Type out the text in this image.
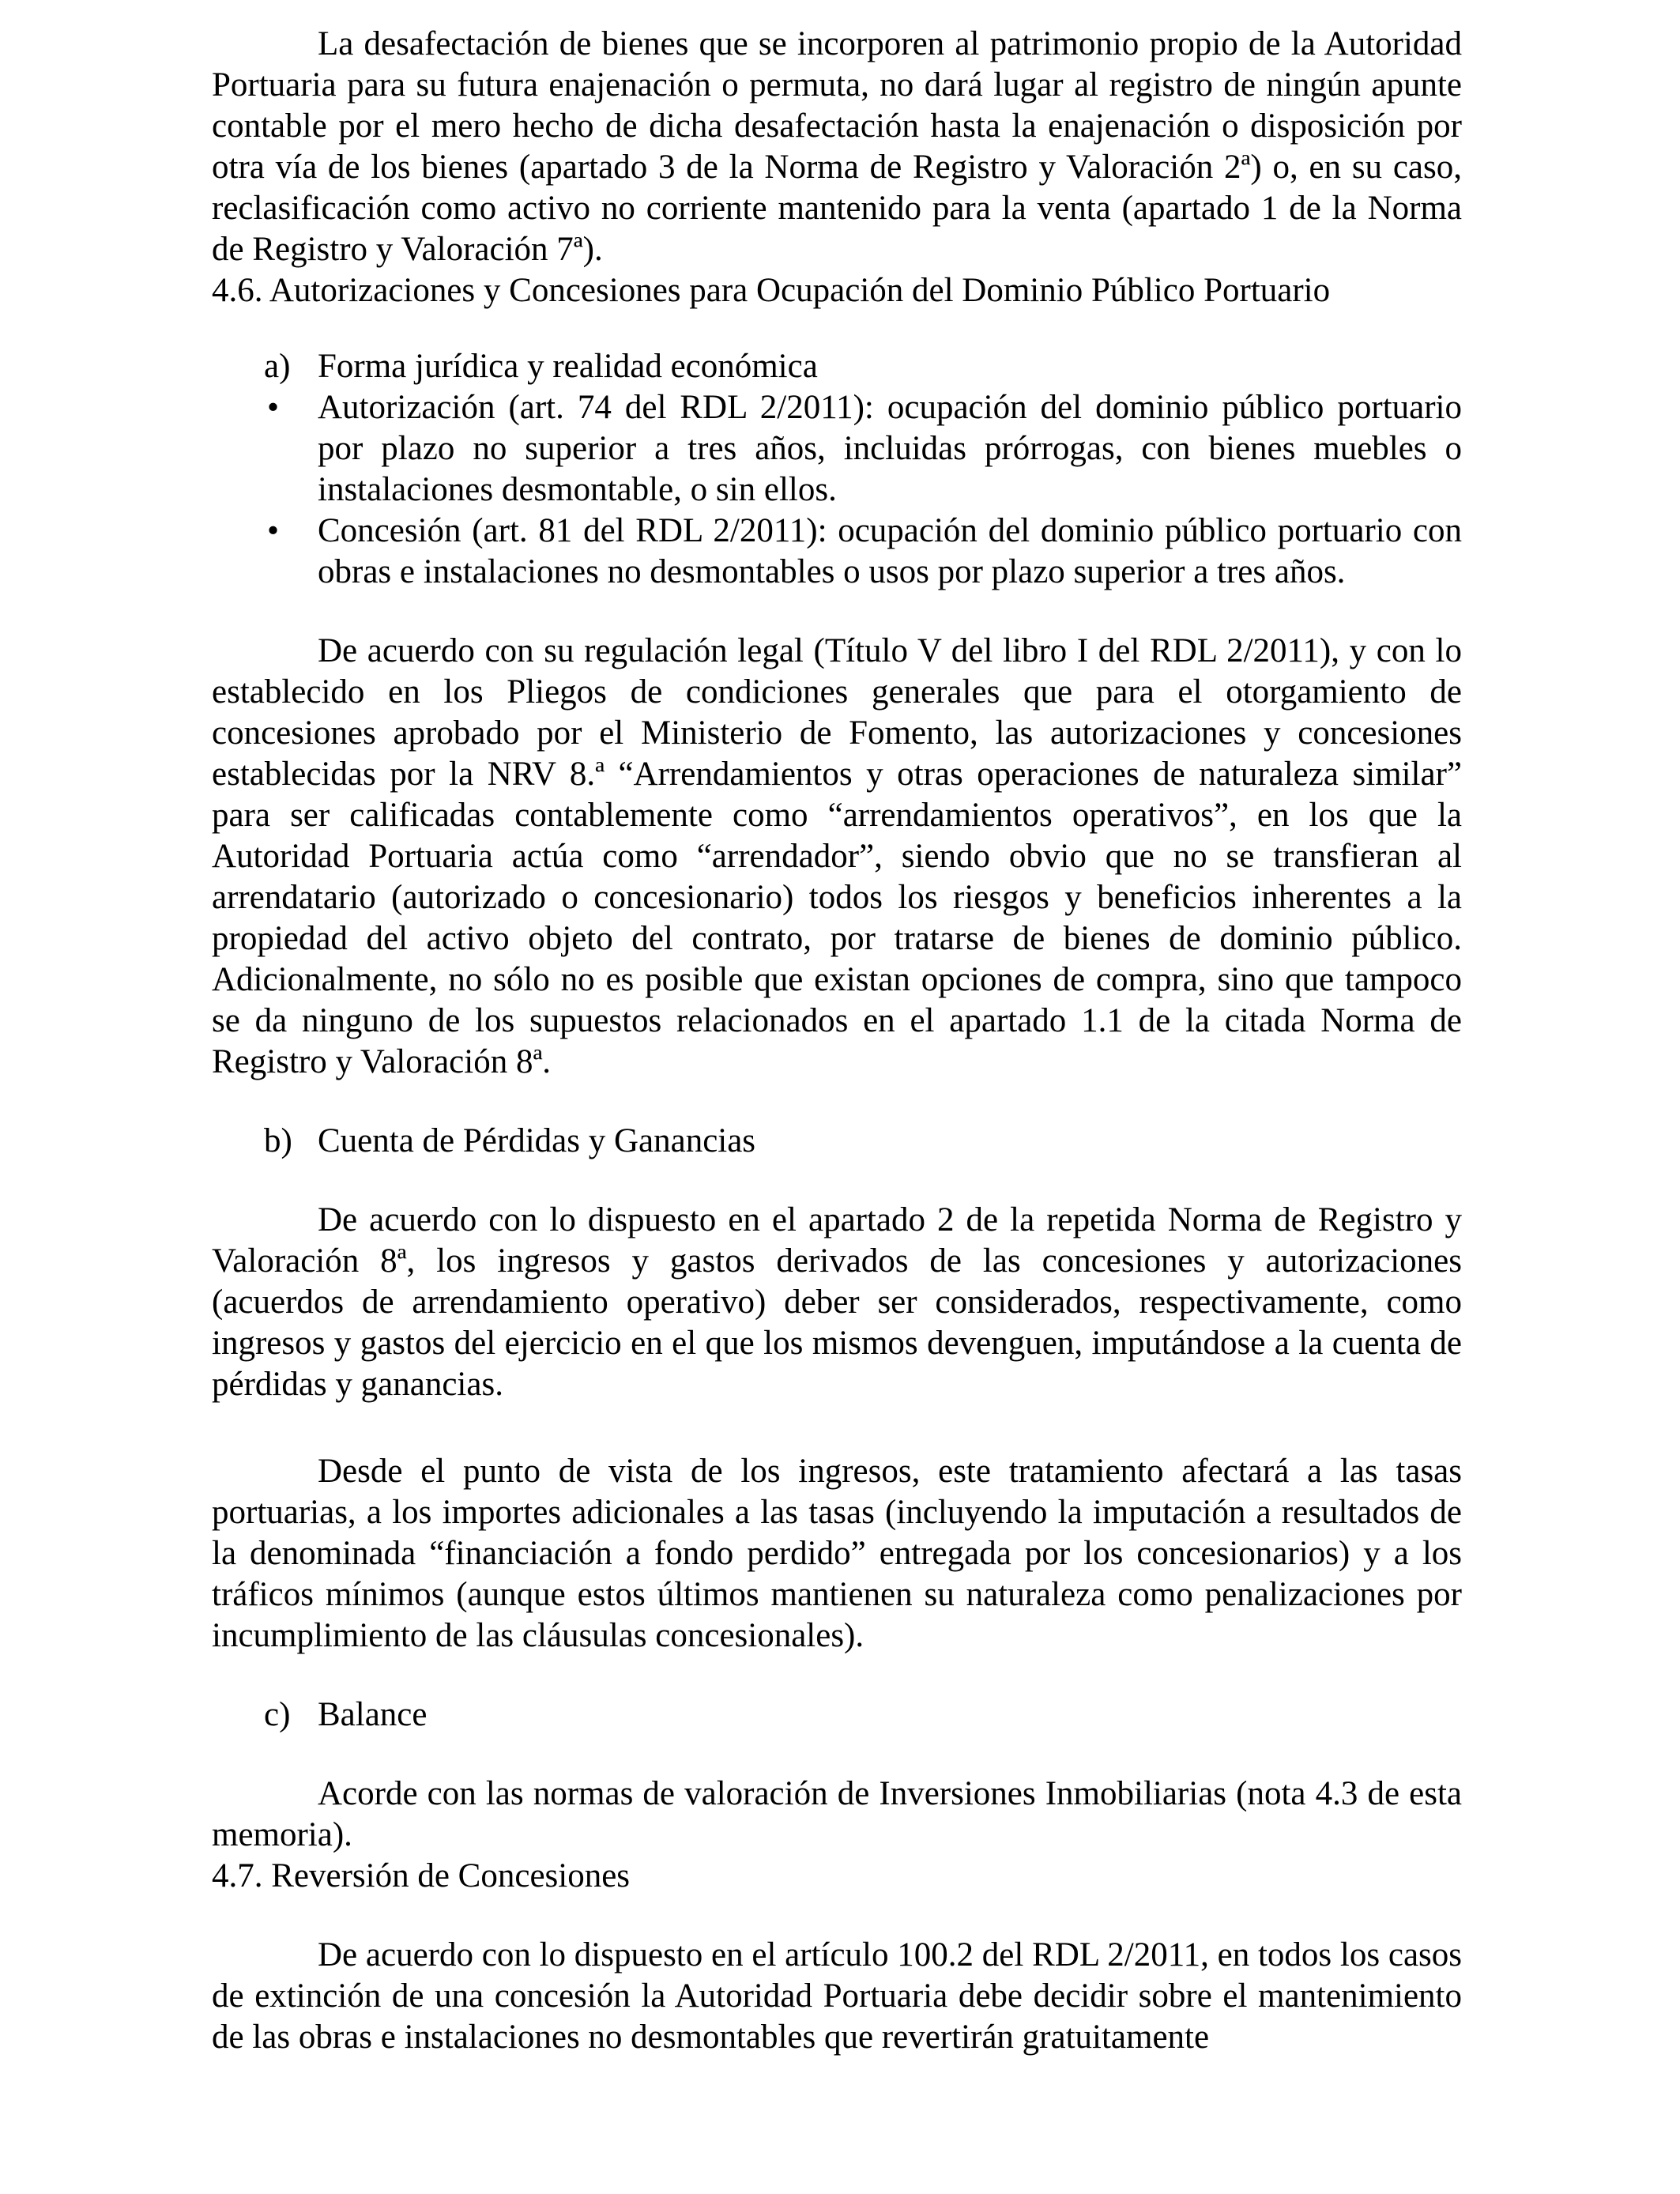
La desafectación de bienes que se incorporen al patrimonio propio de la Autoridad Portuaria para su futura enajenación o permuta, no dará lugar al registro de ningún apunte contable por el mero hecho de dicha desafectación hasta la enajenación o disposición por otra vía de los bienes (apartado 3 de la Norma de Registro y Valoración 2ª) o, en su caso, reclasificación como activo no corriente mantenido para la venta (apartado 1 de la Norma de Registro y Valoración 7ª).

4.6. Autorizaciones y Concesiones para Ocupación del Dominio Público Portuario

a) Forma jurídica y realidad económica

• Autorización (art. 74 del RDL 2/2011): ocupación del dominio público portuario por plazo no superior a tres años, incluidas prórrogas, con bienes muebles o instalaciones desmontable, o sin ellos.
• Concesión (art. 81 del RDL 2/2011): ocupación del dominio público portuario con obras e instalaciones no desmontables o usos por plazo superior a tres años.

De acuerdo con su regulación legal (Título V del libro I del RDL 2/2011), y con lo establecido en los Pliegos de condiciones generales que para el otorgamiento de concesiones aprobado por el Ministerio de Fomento, las autorizaciones y concesiones establecidas por la NRV 8.ª “Arrendamientos y otras operaciones de naturaleza similar” para ser calificadas contablemente como “arrendamientos operativos”, en los que la Autoridad Portuaria actúa como “arrendador”, siendo obvio que no se transfieran al arrendatario (autorizado o concesionario) todos los riesgos y beneficios inherentes a la propiedad del activo objeto del contrato, por tratarse de bienes de dominio público. Adicionalmente, no sólo no es posible que existan opciones de compra, sino que tampoco se da ninguno de los supuestos relacionados en el apartado 1.1 de la citada Norma de Registro y Valoración 8ª.

b) Cuenta de Pérdidas y Ganancias

De acuerdo con lo dispuesto en el apartado 2 de la repetida Norma de Registro y Valoración 8ª, los ingresos y gastos derivados de las concesiones y autorizaciones (acuerdos de arrendamiento operativo) deber ser considerados, respectivamente, como ingresos y gastos del ejercicio en el que los mismos devenguen, imputándose a la cuenta de pérdidas y ganancias.

Desde el punto de vista de los ingresos, este tratamiento afectará a las tasas portuarias, a los importes adicionales a las tasas (incluyendo la imputación a resultados de la denominada “financiación a fondo perdido” entregada por los concesionarios) y a los tráficos mínimos (aunque estos últimos mantienen su naturaleza como penalizaciones por incumplimiento de las cláusulas concesionales).

c) Balance

Acorde con las normas de valoración de Inversiones Inmobiliarias (nota 4.3 de esta memoria).

4.7. Reversión de Concesiones

De acuerdo con lo dispuesto en el artículo 100.2 del RDL 2/2011, en todos los casos de extinción de una concesión la Autoridad Portuaria debe decidir sobre el mantenimiento de las obras e instalaciones no desmontables que revertirán gratuitamente
